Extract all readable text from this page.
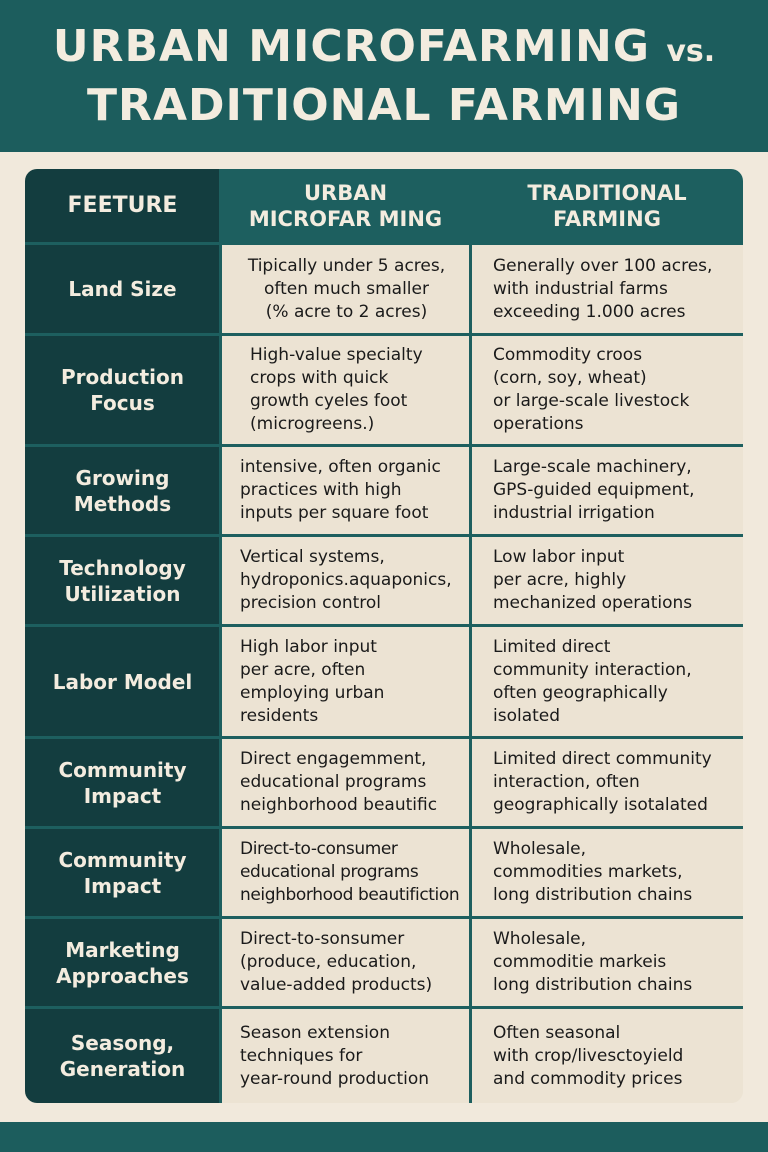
URBAN MICROFARMING vs.
TRADITIONAL FARMING
FEETURE
URBAN
MICROFAR MING
TRADITIONAL
FARMING
Land Size
Tipically under 5 acres,
often much smaller
(% acre to 2 acres)
Generally over 100 acres,
with industrial farms
exceeding 1.000 acres
Production
Focus
High-value specialty
crops with quick
growth cyeles foot
(microgreens.)
Commodity croos
(corn, soy, wheat)
or large-scale livestock
operations
Growing
Methods
intensive, often organic
practices with high
inputs per square foot
Large-scale machinery,
GPS-guided equipment,
industrial irrigation
Technology
Utilization
Vertical systems,
hydroponics.aquaponics,
precision control
Low labor input
per acre, highly
mechanized operations
Labor Model
High labor input
per acre, often
employing urban
residents
Limited direct
community interaction,
often geographically
isolated
Community
Impact
Direct engagemment,
educational programs
neighborhood beautific
Limited direct community
interaction, often
geographically isotalated
Community
Impact
Direct-to-consumer
educational programs
neighborhood beautifiction
Wholesale,
commodities markets,
long distribution chains
Marketing
Approaches
Direct-to-sonsumer
(produce, education,
value-added products)
Wholesale,
commoditie markeis
long distribution chains
Seasong,
Generation
Season extension
techniques for
year-round production
Often seasonal
with crop/livesctoyield
and commodity prices
